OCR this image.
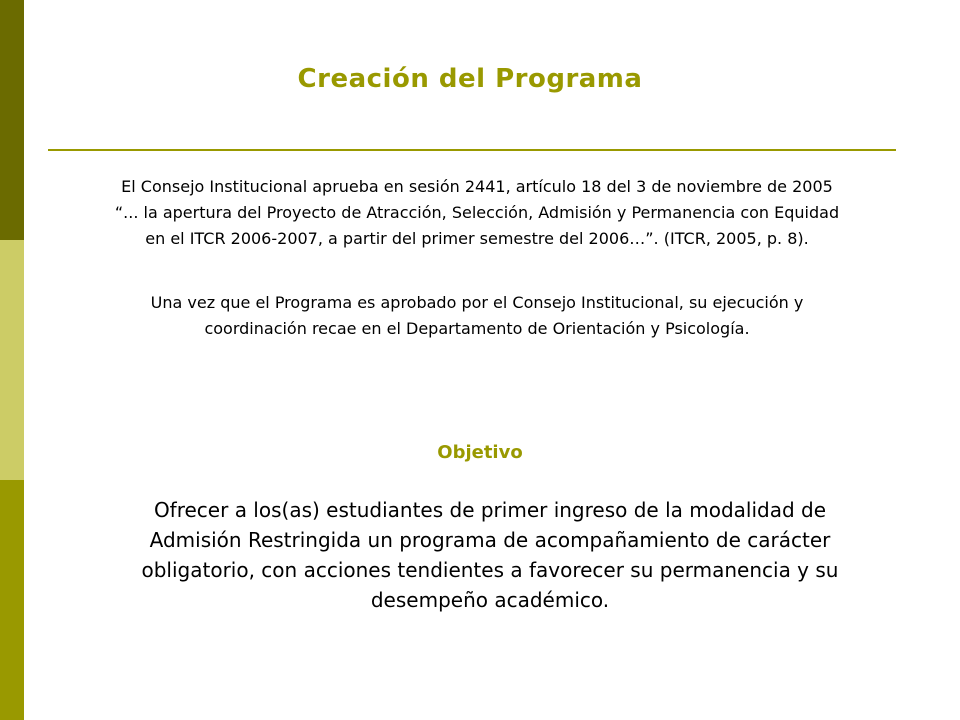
Creación del Programa

El Consejo Institucional aprueba en sesión 2441, artículo 18 del 3 de noviembre de 2005 “... la apertura del Proyecto de Atracción, Selección, Admisión y Permanencia con Equidad en el ITCR 2006-2007, a partir del primer semestre del 2006…”. (ITCR, 2005, p. 8).

Una vez que el Programa es aprobado por el Consejo Institucional, su ejecución y coordinación recae en el Departamento de Orientación y Psicología.

Objetivo

Ofrecer a los(as) estudiantes de primer ingreso de la modalidad de Admisión Restringida un programa de acompañamiento de carácter obligatorio, con acciones tendientes a favorecer su permanencia y su desempeño académico.
